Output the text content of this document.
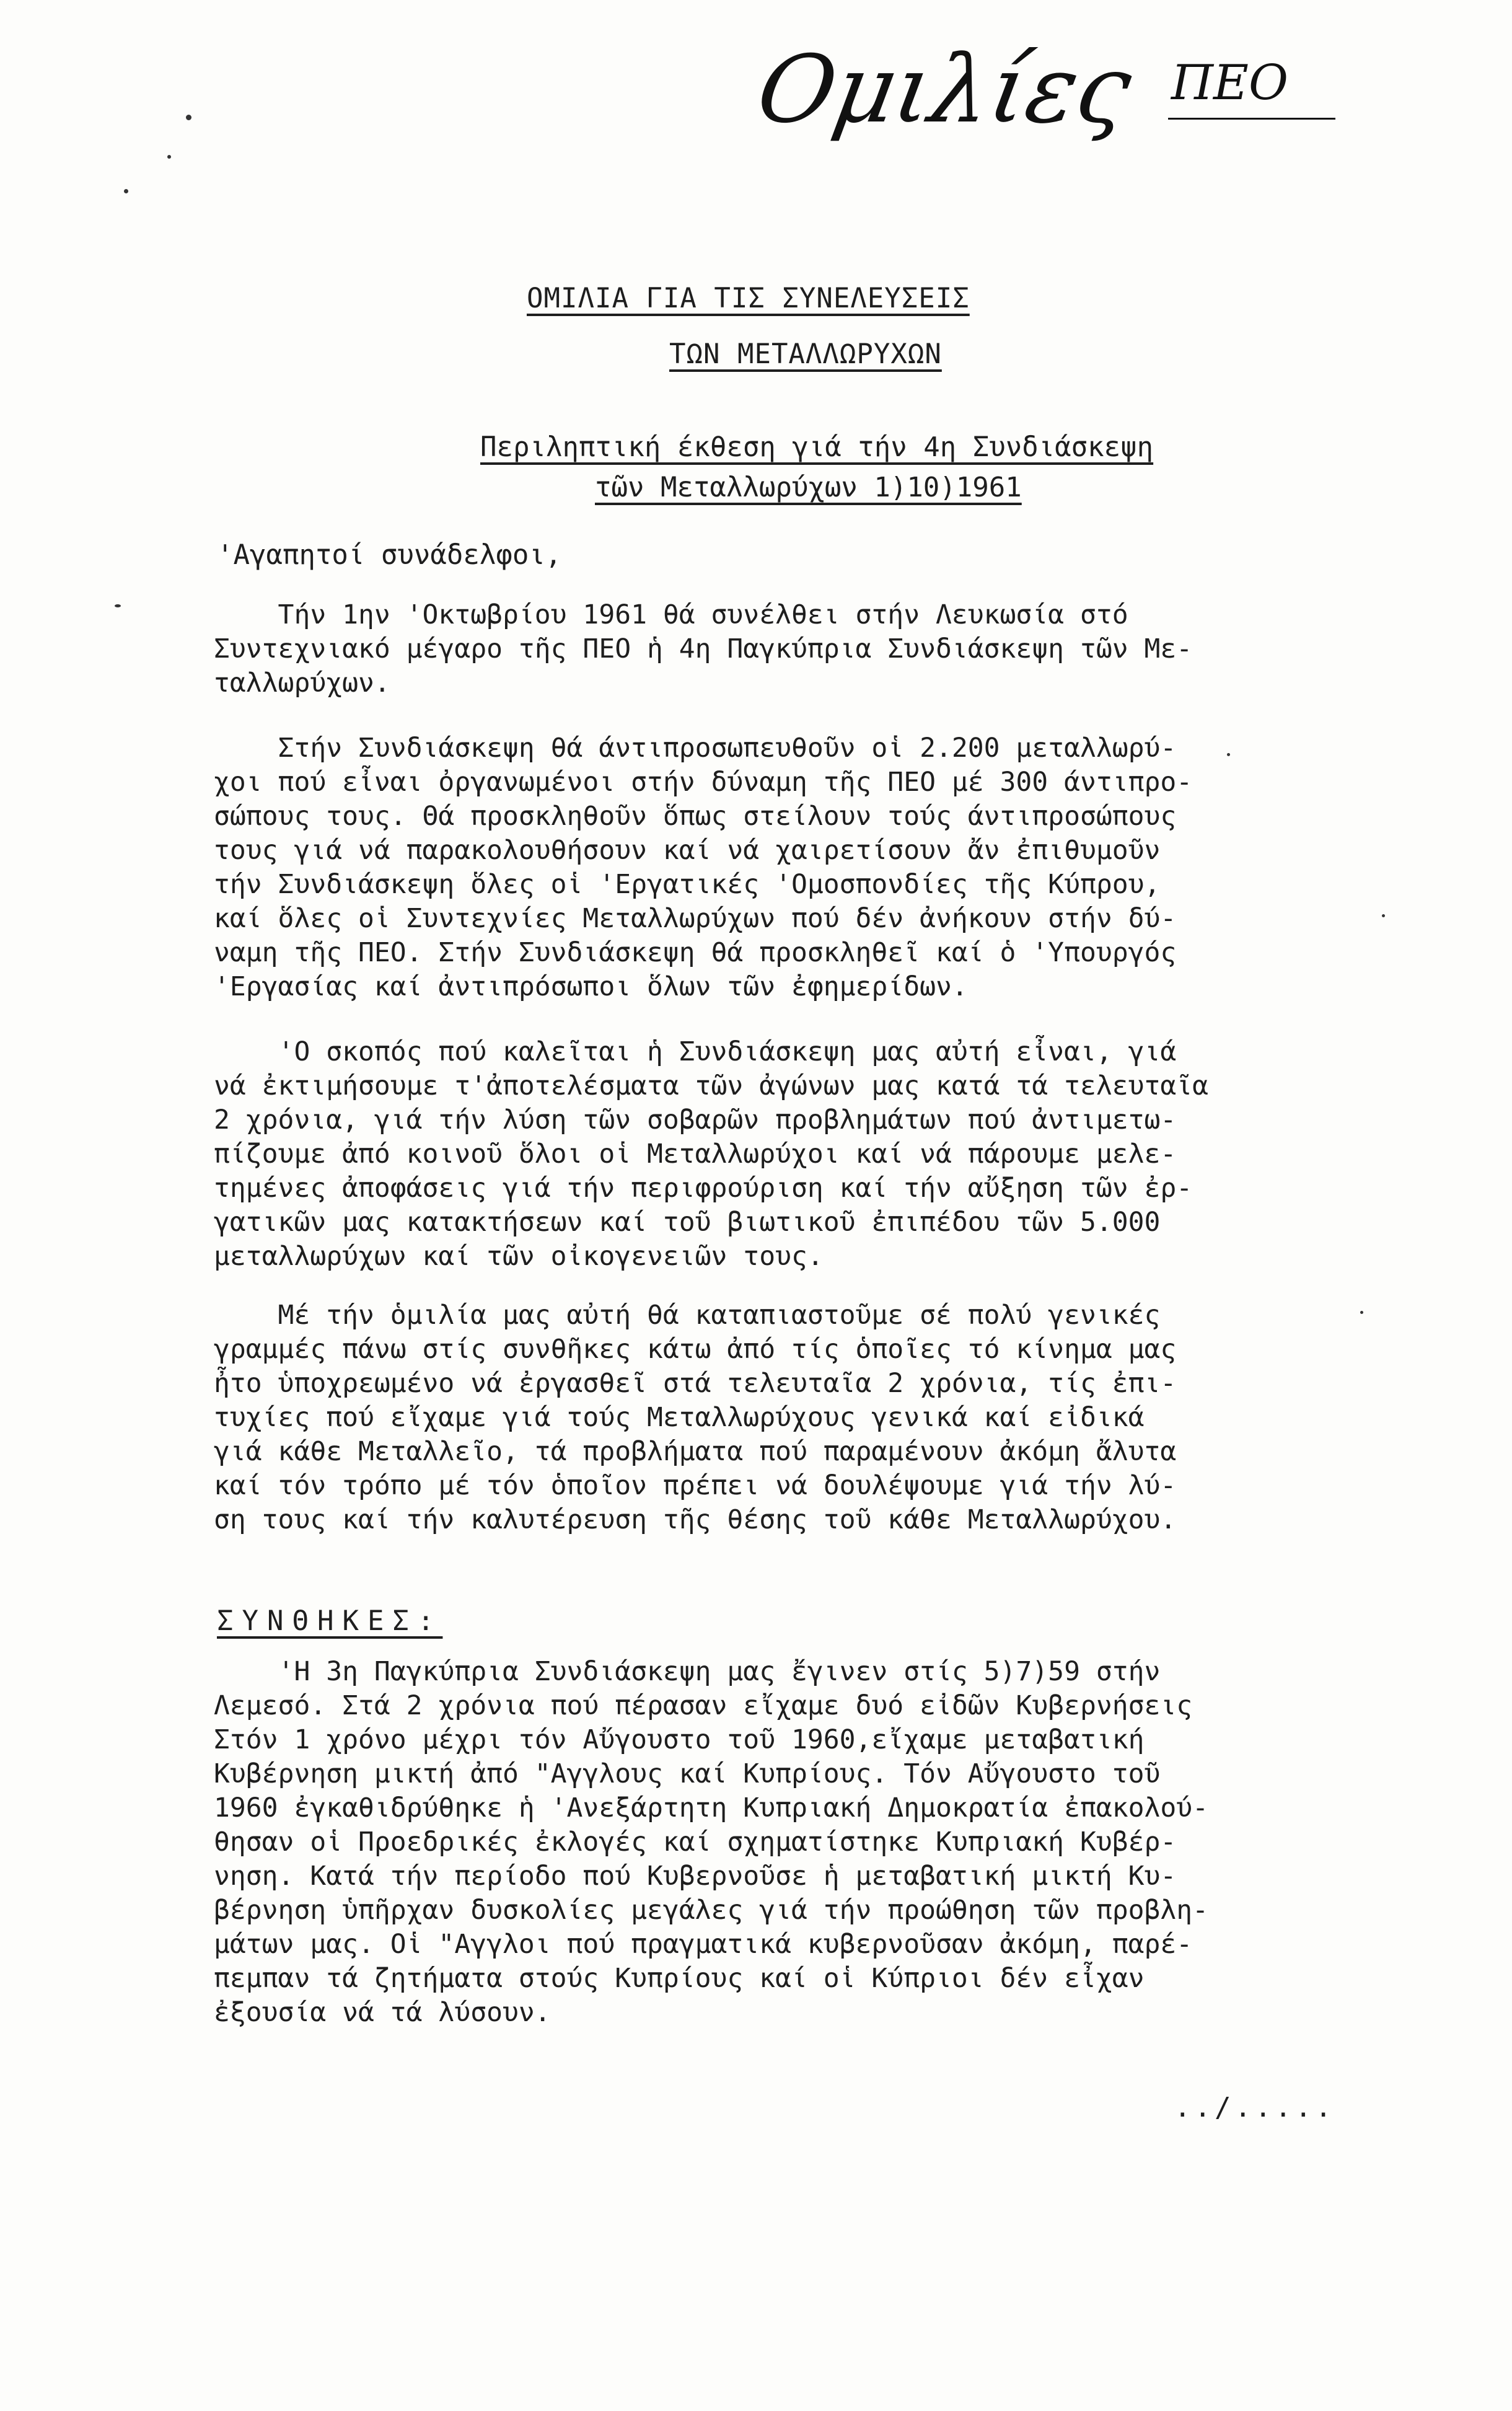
Ομιλίες ΠΕΟ
ΟΜΙΛΙΑ ΓΙΑ ΤΙΣ ΣΥΝΕΛΕΥΣΕΙΣ
ΤΩΝ ΜΕΤΑΛΛΩΡΥΧΩΝ
Περιληπτική έκθεση γιά τήν 4η Συνδιάσκεψη
τῶν Μεταλλωρύχων 1)10)1961
'Αγαπητοί συνάδελφοι,
Τήν 1ην 'Οκτωβρίου 1961 θά συνέλθει στήν Λευκωσία στό
Συντεχνιακό μέγαρο τῆς ΠΕΟ ἡ 4η Παγκύπρια Συνδιάσκεψη τῶν Με-
ταλλωρύχων.
Στήν Συνδιάσκεψη θά άντιπροσωπευθοῦν οἱ 2.200 μεταλλωρύ-
χοι πού εἶναι ὀργανωμένοι στήν δύναμη τῆς ΠΕΟ μέ 300 άντιπρο-
σώπους τους. Θά προσκληθοῦν ὅπως στείλουν τούς άντιπροσώπους
τους γιά νά παρακολουθήσουν καί νά χαιρετίσουν ἄν ἐπιθυμοῦν
τήν Συνδιάσκεψη ὅλες οἱ 'Εργατικές 'Ομοσπονδίες τῆς Κύπρου,
καί ὅλες οἱ Συντεχνίες Μεταλλωρύχων πού δέν ἀνήκουν στήν δύ-
ναμη τῆς ΠΕΟ. Στήν Συνδιάσκεψη θά προσκληθεῖ καί ὁ 'Υπουργός
'Εργασίας καί ἀντιπρόσωποι ὅλων τῶν ἐφημερίδων.
'Ο σκοπός πού καλεῖται ἡ Συνδιάσκεψη μας αὐτή εἶναι, γιά
νά ἐκτιμήσουμε τ'ἀποτελέσματα τῶν ἀγώνων μας κατά τά τελευταῖα
2 χρόνια, γιά τήν λύση τῶν σοβαρῶν προβλημάτων πού ἀντιμετω-
πίζουμε ἀπό κοινοῦ ὅλοι οἱ Μεταλλωρύχοι καί νά πάρουμε μελε-
τημένες ἀποφάσεις γιά τήν περιφρούριση καί τήν αὔξηση τῶν ἐρ-
γατικῶν μας κατακτήσεων καί τοῦ βιωτικοῦ ἐπιπέδου τῶν 5.000
μεταλλωρύχων καί τῶν οἰκογενειῶν τους.
Μέ τήν ὁμιλία μας αὐτή θά καταπιαστοῦμε σέ πολύ γενικές
γραμμές πάνω στίς συνθῆκες κάτω ἀπό τίς ὁποῖες τό κίνημα μας
ἦτο ὑποχρεωμένο νά ἐργασθεῖ στά τελευταῖα 2 χρόνια, τίς ἐπι-
τυχίες πού εἴχαμε γιά τούς Μεταλλωρύχους γενικά καί εἰδικά
γιά κάθε Μεταλλεῖο, τά προβλήματα πού παραμένουν ἀκόμη ἄλυτα
καί τόν τρόπο μέ τόν ὁποῖον πρέπει νά δουλέψουμε γιά τήν λύ-
ση τους καί τήν καλυτέρευση τῆς θέσης τοῦ κάθε Μεταλλωρύχου.
ΣΥΝΘΗΚΕΣ:
'Η 3η Παγκύπρια Συνδιάσκεψη μας ἔγινεν στίς 5)7)59 στήν
Λεμεσό. Στά 2 χρόνια πού πέρασαν εἴχαμε δυό εἰδῶν Κυβερνήσεις
Στόν 1 χρόνο μέχρι τόν Αὔγουστο τοῦ 1960,εἴχαμε μεταβατική
Κυβέρνηση μικτή ἀπό "Αγγλους καί Κυπρίους. Τόν Αὔγουστο τοῦ
1960 ἐγκαθιδρύθηκε ἡ 'Ανεξάρτητη Κυπριακή Δημοκρατία ἐπακολού-
θησαν οἱ Προεδρικές ἐκλογές καί σχηματίστηκε Κυπριακή Κυβέρ-
νηση. Κατά τήν περίοδο πού Κυβερνοῦσε ἡ μεταβατική μικτή Κυ-
βέρνηση ὑπῆρχαν δυσκολίες μεγάλες γιά τήν προώθηση τῶν προβλη-
μάτων μας. Οἱ "Αγγλοι πού πραγματικά κυβερνοῦσαν ἀκόμη, παρέ-
πεμπαν τά ζητήματα στούς Κυπρίους καί οἱ Κύπριοι δέν εἶχαν
ἐξουσία νά τά λύσουν.
../.....
